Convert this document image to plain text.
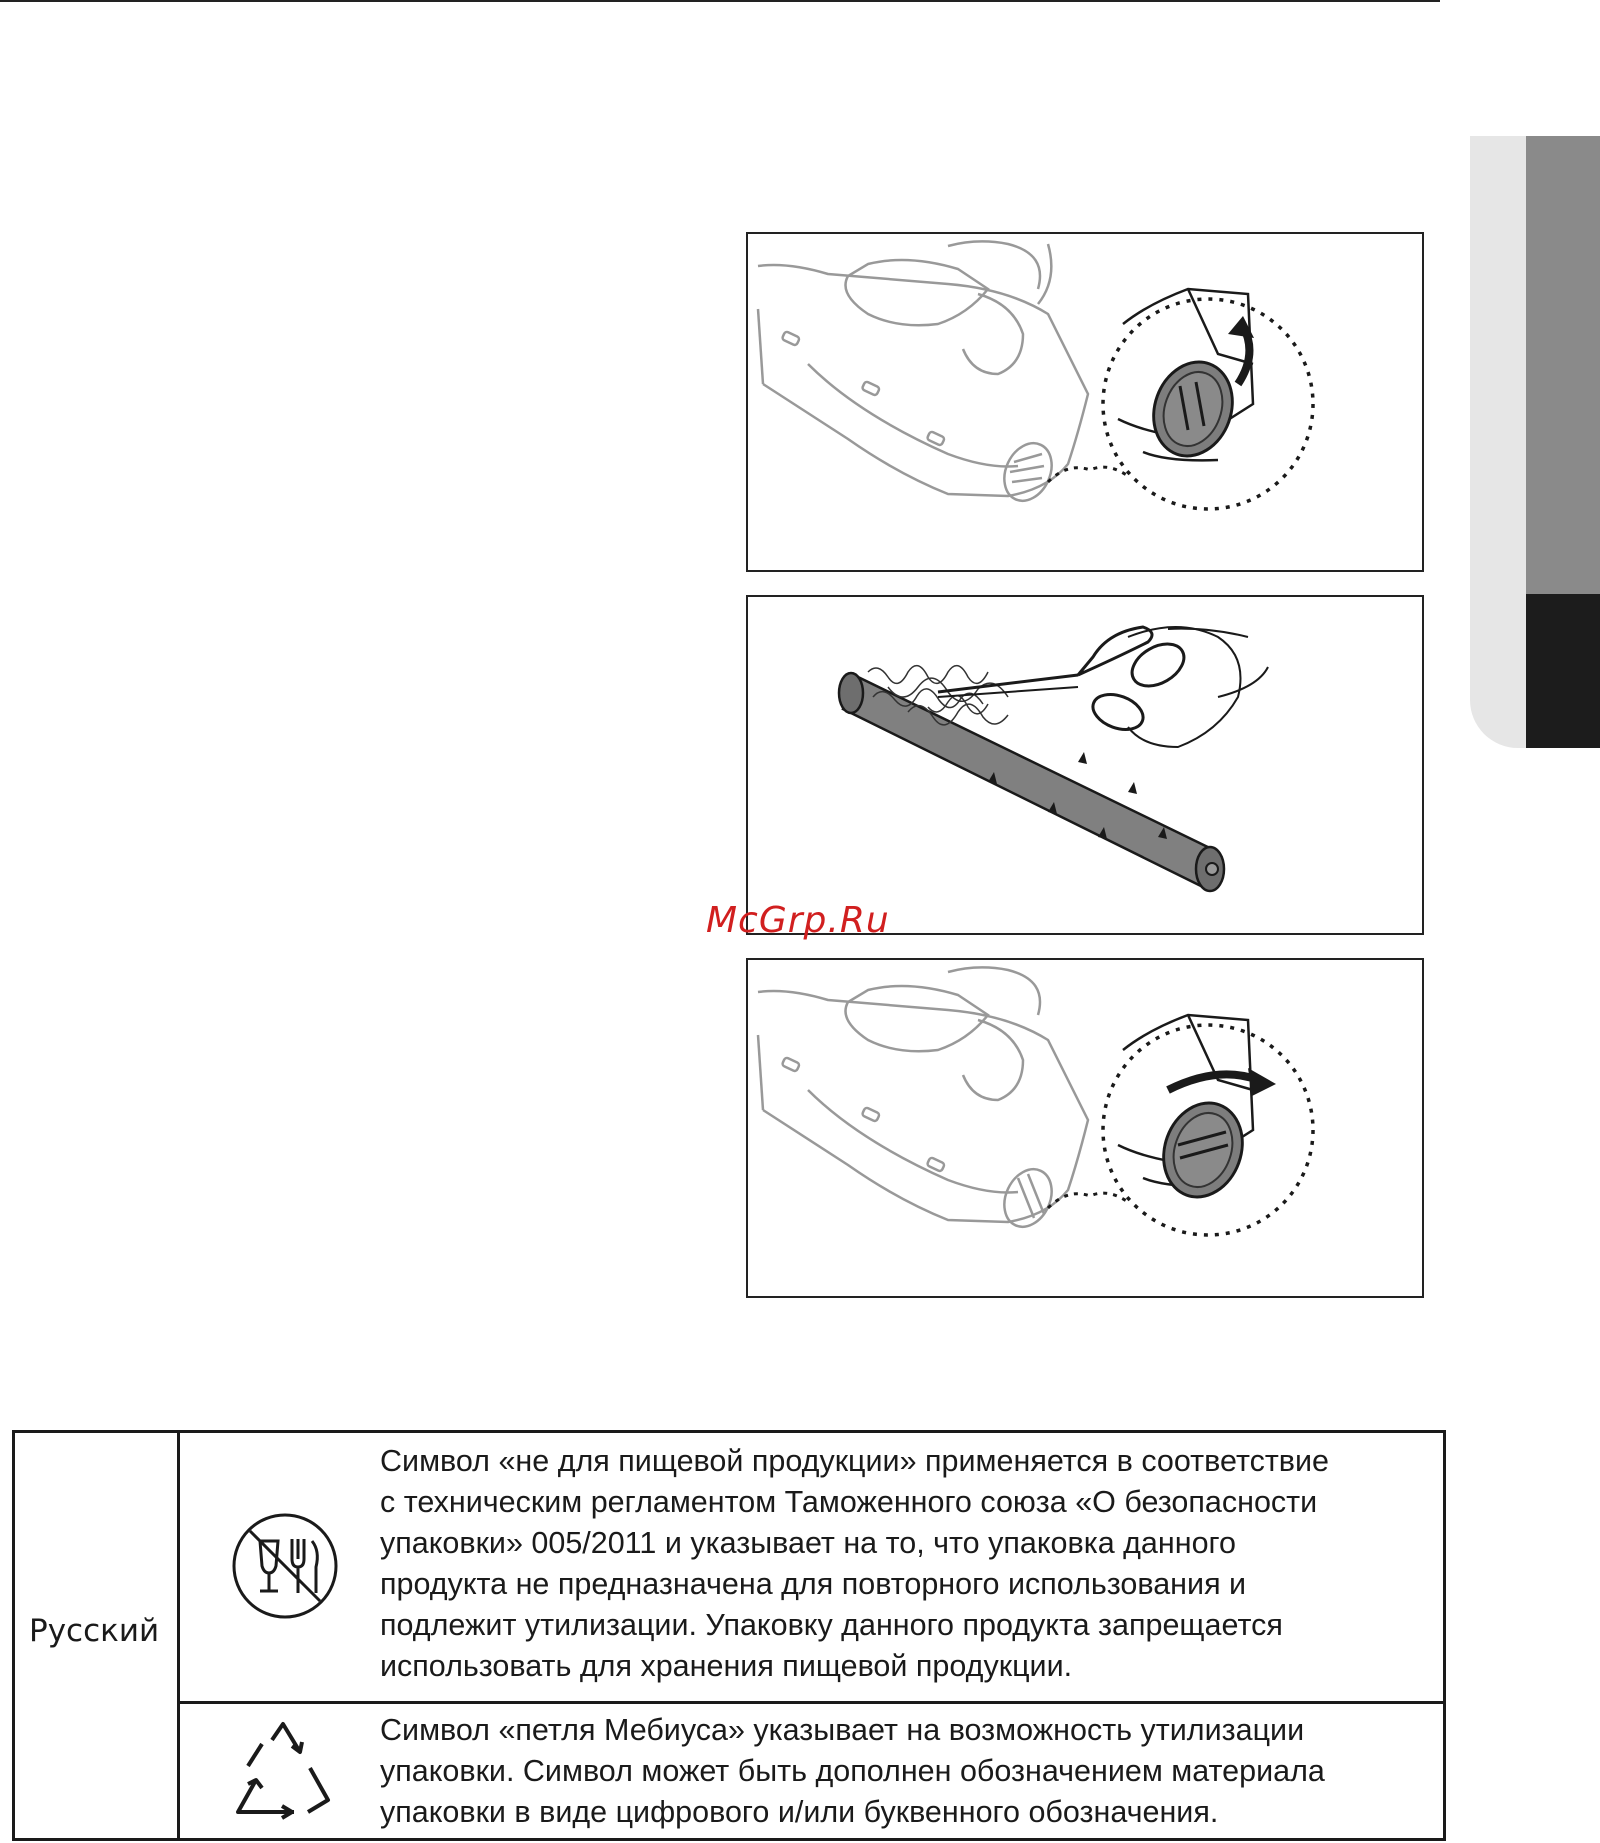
McGrp.Ru
Русский

Символ «не для пищевой продукции» применяется в соответствие
с техническим регламентом Таможенного союза «О безопасности
упаковки» 005/2011 и указывает на то, что упаковка данного
продукта не предназначена для повторного использования и
подлежит утилизации. Упаковку данного продукта запрещается
использовать для хранения пищевой продукции.

Символ «петля Мебиуса» указывает на возможность утилизации
упаковки. Символ может быть дополнен обозначением материала
упаковки в виде цифрового и/или буквенного обозначения.
